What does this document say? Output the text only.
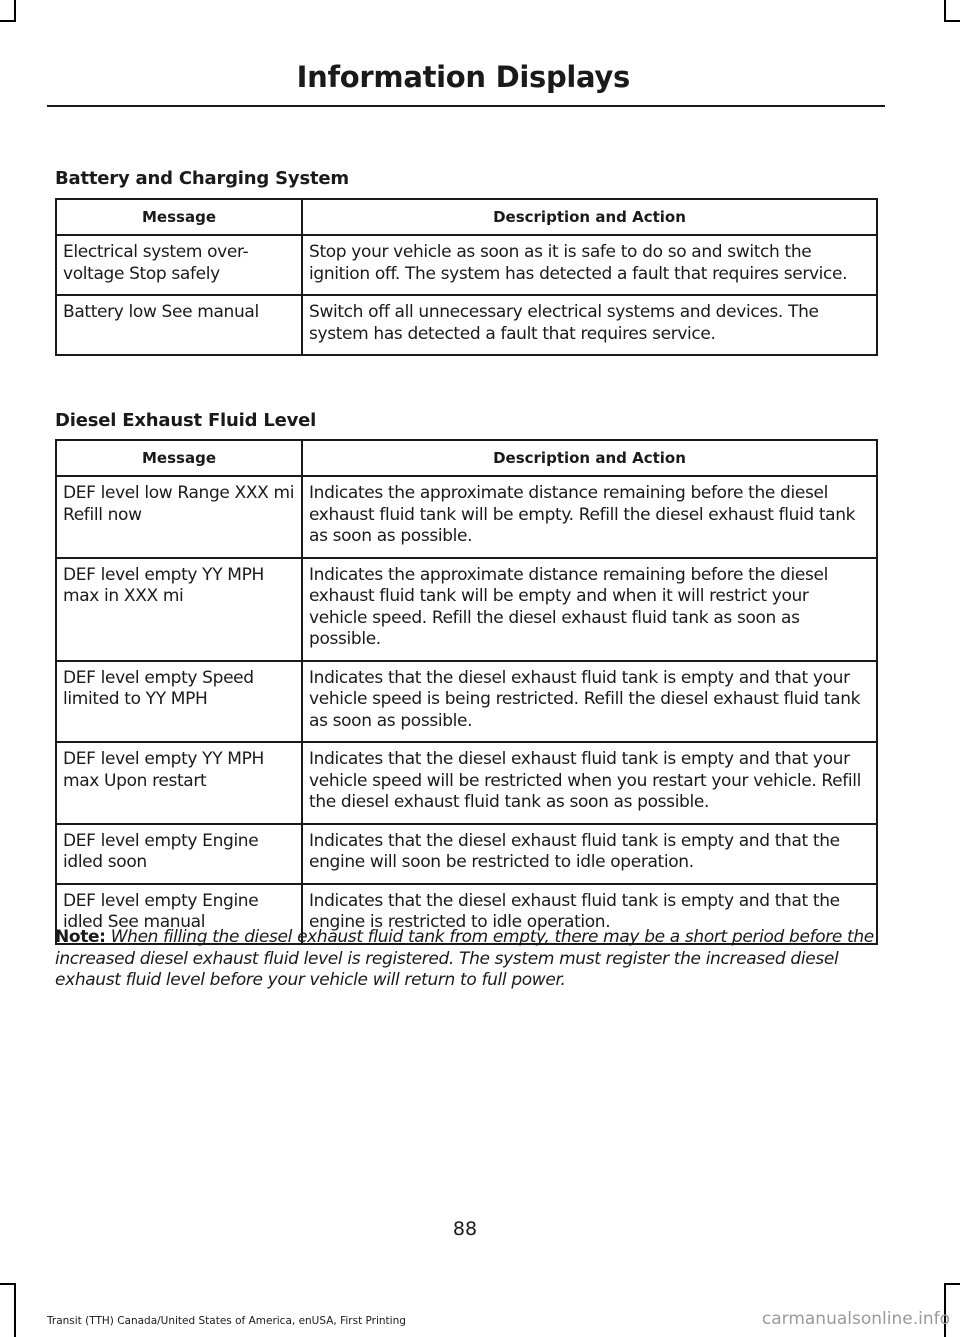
Information Displays
Battery and Charging System
Message	Description and Action
Electrical system over-voltage Stop safely	Stop your vehicle as soon as it is safe to do so and switch the ignition off. The system has detected a fault that requires service.
Battery low See manual	Switch off all unnecessary electrical systems and devices. The system has detected a fault that requires service.
Diesel Exhaust Fluid Level
Message	Description and Action
DEF level low Range XXX mi Refill now	Indicates the approximate distance remaining before the diesel exhaust fluid tank will be empty. Refill the diesel exhaust fluid tank as soon as possible.
DEF level empty YY MPH max in XXX mi	Indicates the approximate distance remaining before the diesel exhaust fluid tank will be empty and when it will restrict your vehicle speed. Refill the diesel exhaust fluid tank as soon as possible.
DEF level empty Speed limited to YY MPH	Indicates that the diesel exhaust fluid tank is empty and that your vehicle speed is being restricted. Refill the diesel exhaust fluid tank as soon as possible.
DEF level empty YY MPH max Upon restart	Indicates that the diesel exhaust fluid tank is empty and that your vehicle speed will be restricted when you restart your vehicle. Refill the diesel exhaust fluid tank as soon as possible.
DEF level empty Engine idled soon	Indicates that the diesel exhaust fluid tank is empty and that the engine will soon be restricted to idle operation.
DEF level empty Engine idled See manual	Indicates that the diesel exhaust fluid tank is empty and that the engine is restricted to idle operation.
Note: When filling the diesel exhaust fluid tank from empty, there may be a short period before the increased diesel exhaust fluid level is registered. The system must register the increased diesel exhaust fluid level before your vehicle will return to full power.
88
Transit (TTH) Canada/United States of America, enUSA, First Printing	carmanualsonline.info
